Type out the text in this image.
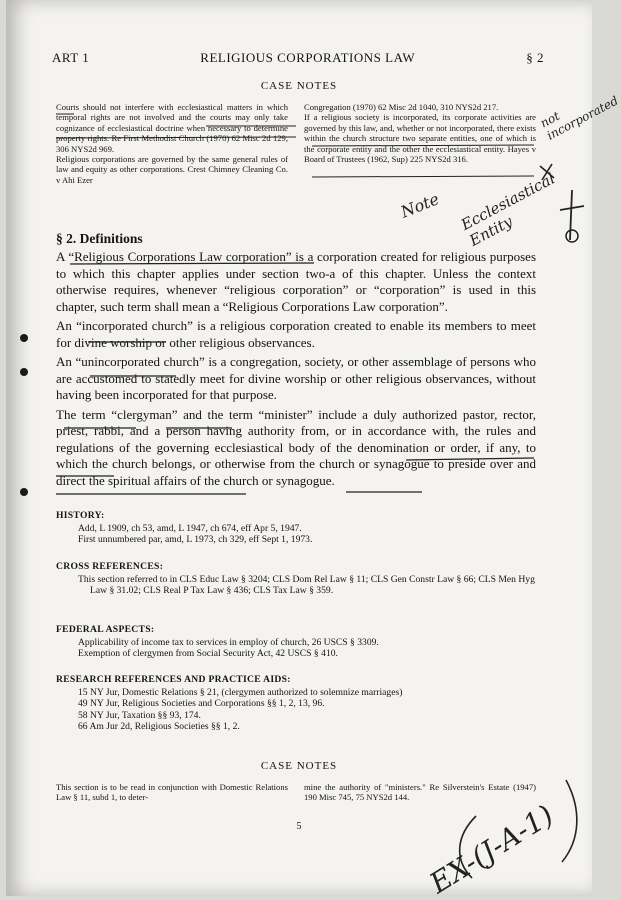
ART 1	RELIGIOUS CORPORATIONS LAW	§ 2
CASE NOTES
Courts should not interfere with ecclesiastical matters in which temporal rights are not involved and the courts may only take cognizance of ecclesiastical doctrine when necessary to determine property rights. Re First Methodist Church (1970) 62 Misc 2d 129, 306 NYS2d 969.
Religious corporations are governed by the same general rules of law and equity as other corporations. Crest Chimney Cleaning Co. v Ahi Ezer
Congregation (1970) 62 Misc 2d 1040, 310 NYS2d 217.
If a religious society is incorporated, its corporate activities are governed by this law, and, whether or not incorporated, there exists within the church structure two separate entities, one of which is the corporate entity and the other the ecclesiastical entity. Hayes v Board of Trustees (1962, Sup) 225 NYS2d 316.
§ 2. Definitions

A “Religious Corporations Law corporation” is a corporation created for religious purposes to which this chapter applies under section two-a of this chapter. Unless the context otherwise requires, whenever “religious corporation” or “corporation” is used in this chapter, such term shall mean a “Religious Corporations Law corporation”.

An “incorporated church” is a religious corporation created to enable its members to meet for divine worship or other religious observances.

An “unincorporated church” is a congregation, society, or other assemblage of persons who are accustomed to statedly meet for divine worship or other religious observances, without having been incorporated for that purpose.

The term “clergyman” and the term “minister” include a duly authorized pastor, rector, priest, rabbi, and a person having authority from, or in accordance with, the rules and regulations of the governing ecclesiastical body of the denomination or order, if any, to which the church belongs, or otherwise from the church or synagogue to preside over and direct the spiritual affairs of the church or synagogue.

HISTORY:
Add, L 1909, ch 53, amd, L 1947, ch 674, eff Apr 5, 1947.
First unnumbered par, amd, L 1973, ch 329, eff Sept 1, 1973.
CROSS REFERENCES:
This section referred to in CLS Educ Law § 3204; CLS Dom Rel Law § 11; CLS Gen Constr Law § 66; CLS Men Hyg Law § 31.02; CLS Real P Tax Law § 436; CLS Tax Law § 359.
FEDERAL ASPECTS:
Applicability of income tax to services in employ of church, 26 USCS § 3309.
Exemption of clergymen from Social Security Act, 42 USCS § 410.
RESEARCH REFERENCES AND PRACTICE AIDS:
15 NY Jur, Domestic Relations § 21, (clergymen authorized to solemnize marriages)
49 NY Jur, Religious Societies and Corporations §§ 1, 2, 13, 96.
58 NY Jur, Taxation §§ 93, 174.
66 Am Jur 2d, Religious Societies §§ 1, 2.
CASE NOTES
This section is to be read in conjunction with Domestic Relations Law § 11, subd 1, to deter-
mine the authority of "ministers." Re Silverstein's Estate (1947) 190 Misc 745, 75 NYS2d 144.
5
not incorporated
Note Ecclesiastical Entity
EX-(J-A-1)
